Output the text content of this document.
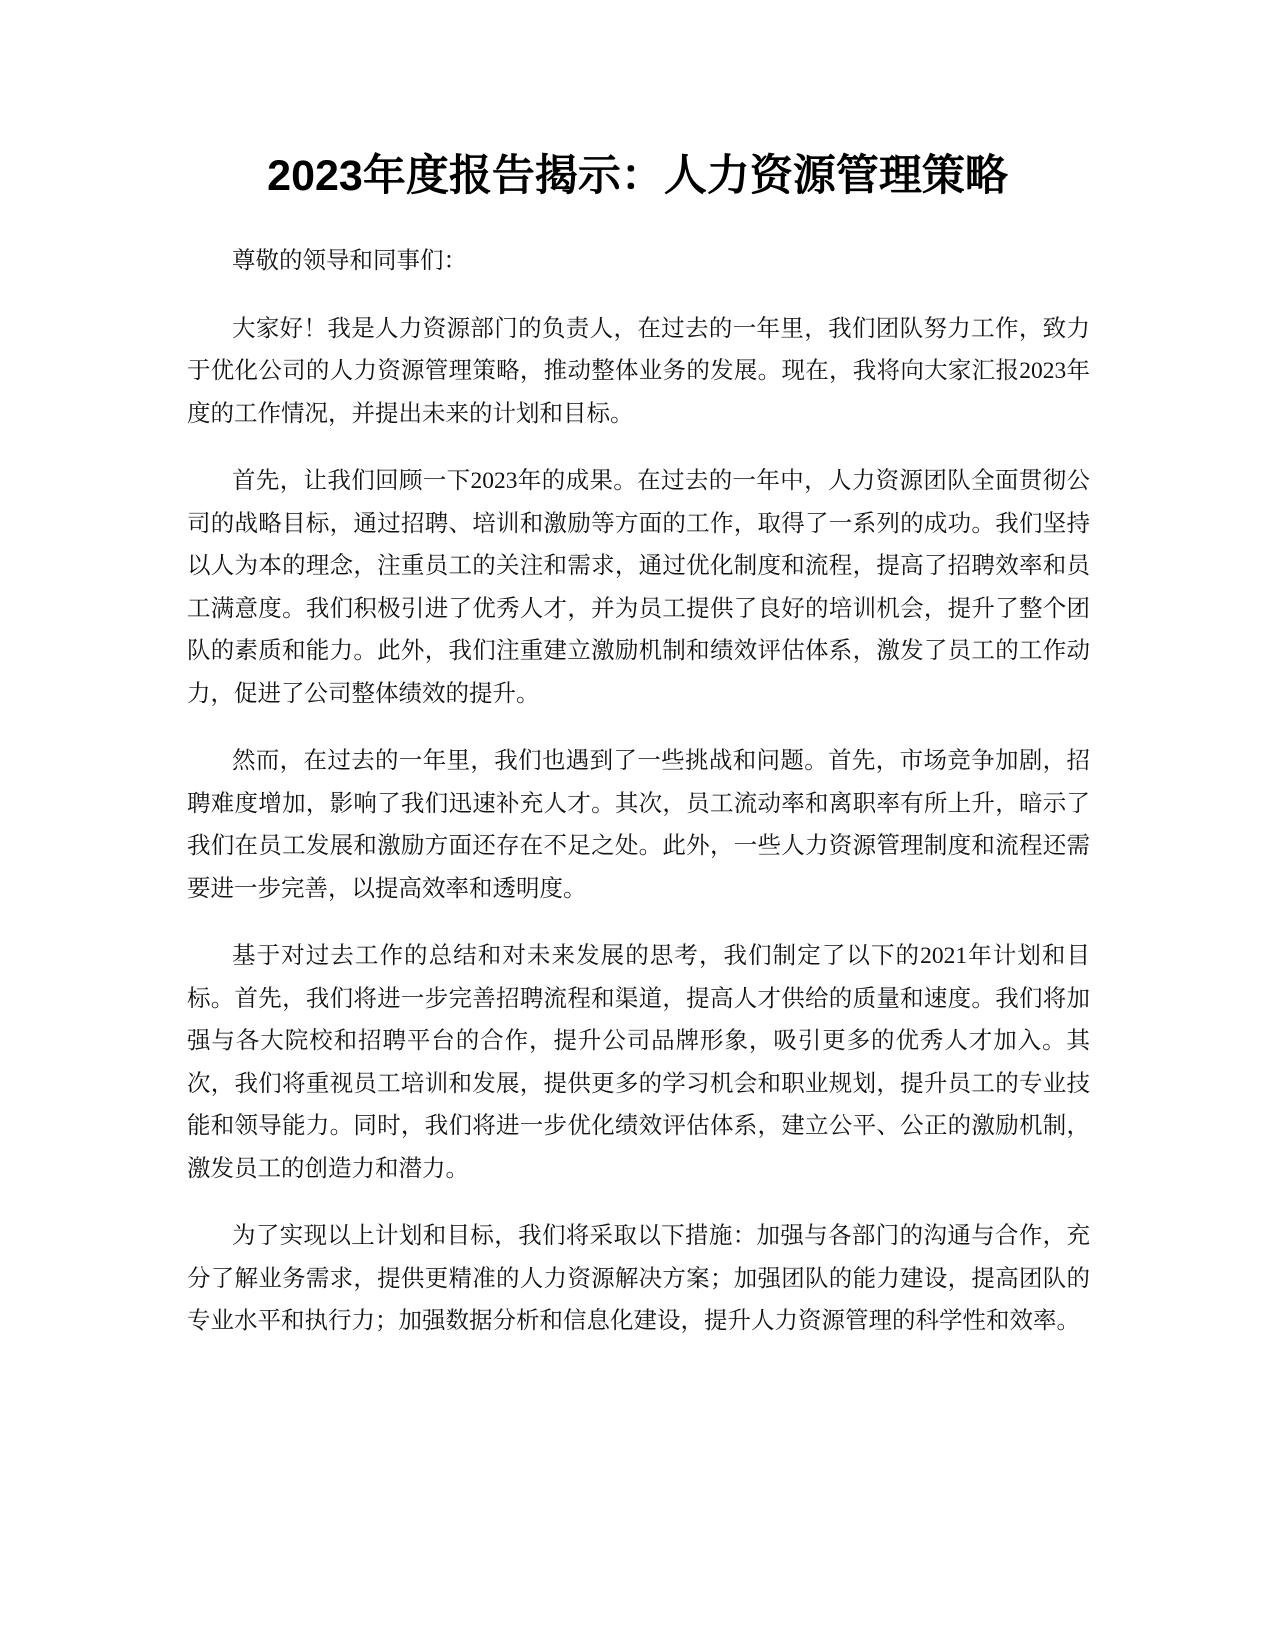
2023年度报告揭示：人力资源管理策略

尊敬的领导和同事们：

大家好！我是人力资源部门的负责人，在过去的一年里，我们团队努力工作，致力于优化公司的人力资源管理策略，推动整体业务的发展。现在，我将向大家汇报2023年度的工作情况，并提出未来的计划和目标。

首先，让我们回顾一下2023年的成果。在过去的一年中，人力资源团队全面贯彻公司的战略目标，通过招聘、培训和激励等方面的工作，取得了一系列的成功。我们坚持以人为本的理念，注重员工的关注和需求，通过优化制度和流程，提高了招聘效率和员工满意度。我们积极引进了优秀人才，并为员工提供了良好的培训机会，提升了整个团队的素质和能力。此外，我们注重建立激励机制和绩效评估体系，激发了员工的工作动力，促进了公司整体绩效的提升。

然而，在过去的一年里，我们也遇到了一些挑战和问题。首先，市场竞争加剧，招聘难度增加，影响了我们迅速补充人才。其次，员工流动率和离职率有所上升，暗示了我们在员工发展和激励方面还存在不足之处。此外，一些人力资源管理制度和流程还需要进一步完善，以提高效率和透明度。

基于对过去工作的总结和对未来发展的思考，我们制定了以下的2021年计划和目标。首先，我们将进一步完善招聘流程和渠道，提高人才供给的质量和速度。我们将加强与各大院校和招聘平台的合作，提升公司品牌形象，吸引更多的优秀人才加入。其次，我们将重视员工培训和发展，提供更多的学习机会和职业规划，提升员工的专业技能和领导能力。同时，我们将进一步优化绩效评估体系，建立公平、公正的激励机制，激发员工的创造力和潜力。

为了实现以上计划和目标，我们将采取以下措施：加强与各部门的沟通与合作，充分了解业务需求，提供更精准的人力资源解决方案；加强团队的能力建设，提高团队的专业水平和执行力；加强数据分析和信息化建设，提升人力资源管理的科学性和效率。
